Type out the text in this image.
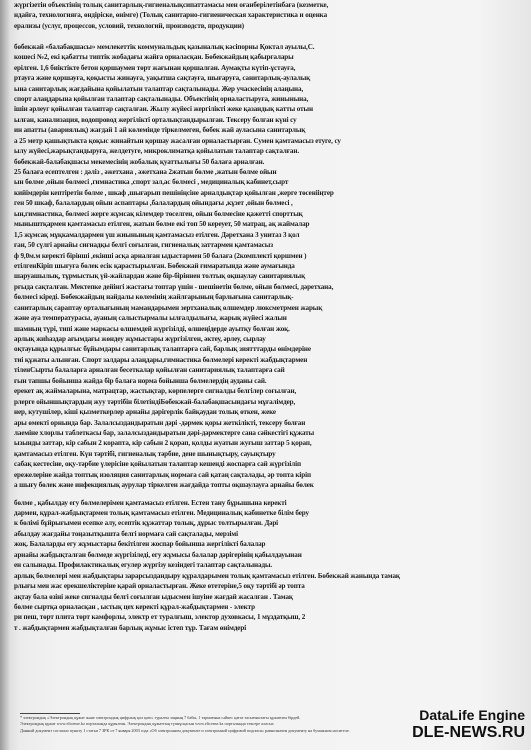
жүргізетін объектінің толық санитарлық-гигиеналықсипаттамасы мен оғанберілетінбаға (кезметке,
ндайға, технологияға, өндіріске, өнімге) (Толық санитарно-гигиеническая характеристика и оценка
ерализы (услуг, процессов, условий, технологий, производств, продукции)
бөбекжай «балабақшасы» мемлекеттік коммунальдық қазыналық кәсіпорны Қоктал ауылы,С.
кошесі №2, екі қабатты типтік жобадағы жайға орналасқан. Бөбекжайдың қабырғалары
ерілген. 1,6 биіктікте бетон қоршаумен төрт жағынан қоршалған. Аумақты күтіп-ұстауға,
ртауға және қоршауға, қоқысты жинауға, уақытша сақтауға, шығаруға, санитарлық-аулалық
ына санитарлық жағдайына қойылатын талаптар сақталынады. Жер учаскесінің алаңына,
спорт алаңдарына қойылған талаптар сақталынады. Объектінің орналастыруға, жинынына,
ішін әрлеуг қойылған талаптар сақталған. Жылу жүйесі жергілікті жеке қазандық катты отын
ылған, канализация, водопровод жергілікті орталықтандырылған. Тексеру болған күні су
ин апатты (авариялық) жағдай 1 ай көлемінде тіркелмеген, бөбек жай ауласына санитарлық
а 25 метр қашықтыкта қоқыс жинайтын қоршау жасалған орналастырған. Сумен қамтамасыз етуге, су
ылу жүйесі,жарықтандыруға, желдетуге, микроклиматқа қойылатын талаптар сақталған.
бөбекжай-балабақшасы мекемесінің жобалық қуаттылығы 50 балаға арналған.
25 балаға есептелген : дәліз , әжетхана , әжетхана 2жатын бөлме ,жатын бөлме ойын
ын бөлме ,ойын бөлмесі ,гимнастика ,спорт зал,ас бөлмесі , медициналық кабинет,сырт
кийімдерін кептіретін бөлме , шкаф ,шығарып пешініңсіне арналдықтар қойылған ,жерге төсенііңтер
ген 50 шкаф, балалардың ойын аспаптары ,балалардың ойындағы ,кұзет ,ойын бөлмесі ,
ын,гимнастика, бөлмесі жерге жұмсақ кілемдер төселген, ойын бөлмесіне қажетті спорттық
мыныштқармен қамтамасыз етілген, жатын бөлме екі топ 50 кереует, 50 матрац, ақ жаймалар
1,5 жұмсақ мұқкамалдармен үш жиынының қамтамасыз етілген. Дәретхана 3 унитаз 3 қол
ған, 50 сүлгі арнайы сиғнадқы белгі соғылған, гигиеналық заттармен қамтамасыз
ф 9,0м.м керекті біріншi ,екінші асқа арналған ыдыстармен 50 балаға (2комплекті қоршмен )
етілгенКіріп шығуға бөлек есік қарастырылған. Бөбекжай ғимаратында және аумағында
шаруашылық, тұрмыстық үй-жайлардан және бір-біріннен толтық оқшаулау санитариялық
рғыда сақталған. Мектепке дейінгі жастағы топтар үшін - шешінетін бөлме, ойын бөлмесі, дәретхана,
бөлмесі кіреді. Бөбекжайдың найдалы көлемінің жайлғарының барлығына санитарлық-
санитарлық сарaптау орталығының мамандарымен зертханалық өлшемдер люксметрмен жарық
және ауа температурасы, ауаның салыстырмалы ылғалдылығы, жарық жүйесі жалын
шамның түрі, типі және маркасы өлшемдей жүргізілді, өлшеңідерде ауытқу болған жоқ.
арлық жиһаздар ағымдағы жөндеу жұмыстары жүргізілген, әктеу, әрлеу, сырлау
оқтауында құрылғыс бұйымдары санитарлық талаптарға сай, барлық зиятттарды өнімдеріне
тиі құжаты алынған. Спорт залдары алаңдары,гимнастика бөлмелері керекті жабдықтармен
тіленСырты балаларға арналған бесеткалар қойылған санитариялық талаптарға сай
ғын тапшы бойынша жайда бір балаға норма бойынша бөлмелердің ауданы сай.
ерекет ақ жаймаларына, матрацтар, жастықтар, көрпелерге сигналды белгілер соғылған,
рлерге ойыншықтардың жуу тәртібін бiлетіндіБөбекжай-балабақшасындағы мұғалiмдер,
нер, кутушілер, кіші қызметкерлер арнайы дәрігерлік байқаудан толық өткен, жеке
ары өмекті орнында бар. Залалсыздандыратын дәрі -дәрмек қоры жеткілікті, тексеру болған
лаеміне хлорлы таблеткасы бар, залалсыздандыратын дәрі-дәрмектерге сана сәйкестігі құжаты
ызынды заттар, кір сабын 2 корапта, кір сабын 2 қорап, қолды жуатын жуғыш заттар 5 қорап,
қамтамасыз етілген. Күн тәртібі, гигиеналық тәрбие, дене шынықтыру, сауықтыру
сабақ кестесіне, оқу-тәрбие үлерісіне қойылатын талаптар кешенді жоспарға сай жүргізіліп
ережелеріне жайда топтық изоляция санитарлық нормаға сай қатаң сақталады, әр топта кіріп
а шығу бөлек және инфекциялық аурулар тіркелген жағдайда топты оқшаулауға арнайы бөлек
бөлме , қабылдау егу бөлмелерімен қамтамасыз етілген. Естен тану бұрышына керекті
дармен, құрал-жабдықтармен толық қамтамасыз етілген. Медициналық кабинетке білім беру
к бөлімі бұйрығымен есепке алу, есептік құжаттар толық, дұрыс толтырылған. Дәрі
абылдау жағдайы тоңазытқышта белгі нормаға сай сақталады, мерзімі
жоқ. Балаларды егу жұмыстары бекітілген жоспар бойынша жергілікті балалар
арнайы жабдықталған бөлмеде жүргізіледі, егу жұмысы балалар дәрігерінің қабылдауынан
ен салынады. Профилактикалық егулер жүргізу кезіндегі талаптар сақталынады.
арлық бөлмелері мен жабдықтары зарарсыздандыру құралдарымен толық қамтамасыз етілген. Бөбекжай жанында тамақ
рлығы мен жас ерекшеліктеріне қарай орналастырған. Жеке өтетеріне,5 оқу тәртібі әр топта
ақтау бала өзіні жеке сигналды белгі соғылған ыдысмен ішуіне жағдай жасалған . Тамақ
бөлме сыртқа орналасқан , ыстық цех керекті құрал-жабдықтармен - электр
ри пеш, төрт плита төрт камфорлы, электр ет туралғыш, электор духовкасы, 1 мұздатқыш, 2
т . жабдықтармен жабдықталған барлық жұмыс істеп тұр. Тағам өнімдері
* электрондық «Электрондық құжат және электрондық цифрлық қол қою» туралғы заңның 7 бабы, 1 тармағына сәйкес қағаз тасығыштағы құжатпен бірдей.
Электрондық құжат www.elicense.kz порталында құрылған. Электрондық құжаттың түпнұсқасын www.elicense.kz порталында тексере аласыз.
Данный документ согласно пункту 1 статьи 7 ЗРК от 7 января 2003 года «Об электронном документе и электронной цифровой подписи» равнозначен документу на бумажном носителе.
DataLife Engine
DLE-NEWS.RU
